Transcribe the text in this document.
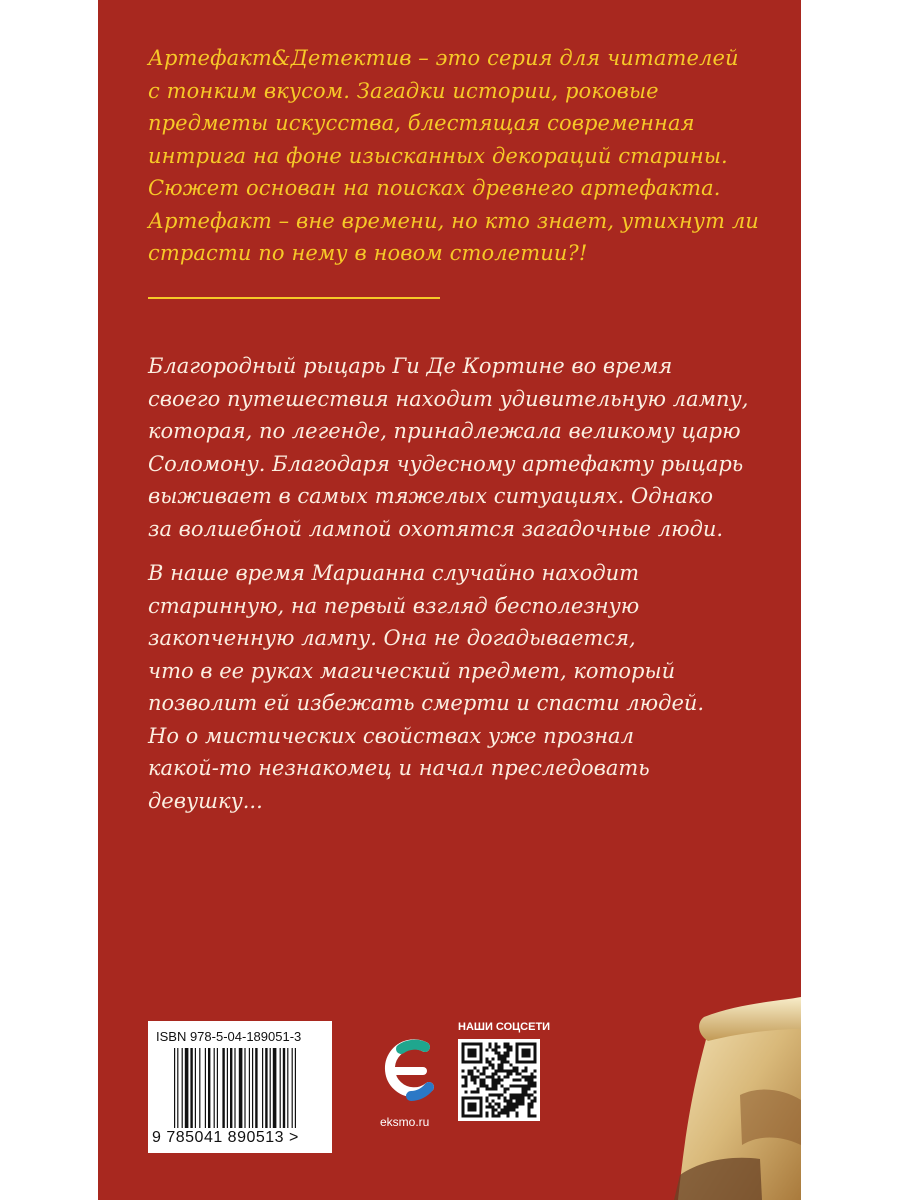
Артефакт&Детектив – это серия для читателей
с тонким вкусом. Загадки истории, роковые
предметы искусства, блестящая современная
интрига на фоне изысканных декораций старины.
Сюжет основан на поисках древнего артефакта.
Артефакт – вне времени, но кто знает, утихнут ли
страсти по нему в новом столетии?!
Благородный рыцарь Ги Де Кортине во время
своего путешествия находит удивительную лампу,
которая, по легенде, принадлежала великому царю
Соломону. Благодаря чудесному артефакту рыцарь
выживает в самых тяжелых ситуациях. Однако
за волшебной лампой охотятся загадочные люди.
В наше время Марианна случайно находит
старинную, на первый взгляд бесполезную
закопченную лампу. Она не догадывается,
что в ее руках магический предмет, который
позволит ей избежать смерти и спасти людей.
Но о мистических свойствах уже прознал
какой-то незнакомец и начал преследовать
девушку...
ISBN 978-5-04-189051-3
9 785041 890513 >
eksmo.ru
НАШИ СОЦСЕТИ
